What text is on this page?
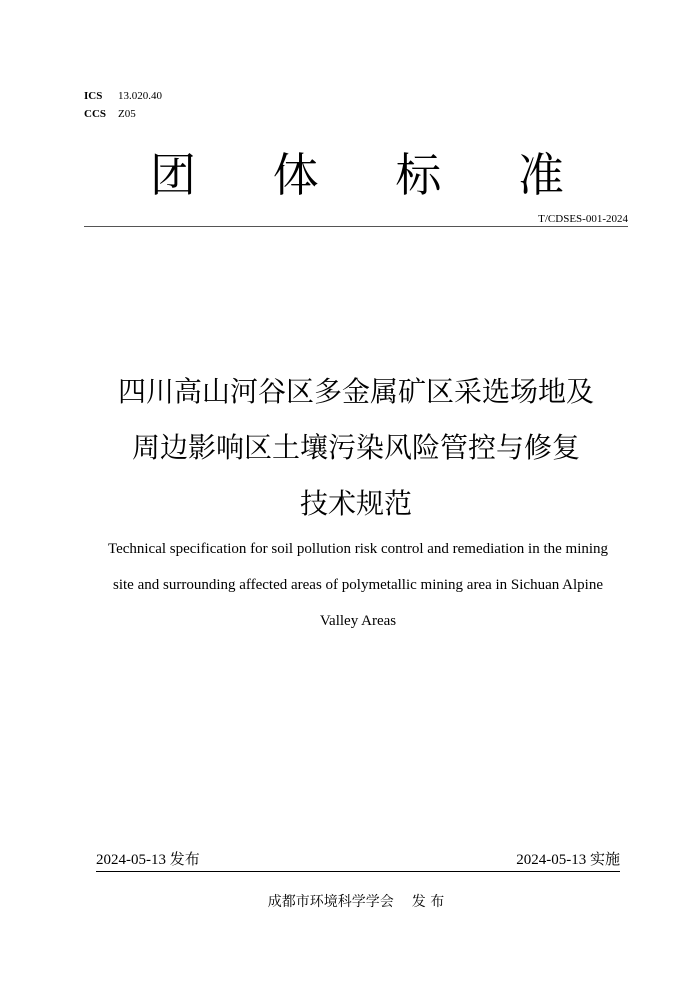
ICS 13.020.40
CCS Z05
团 体 标 准
T/CDSES-001-2024
四川高山河谷区多金属矿区采选场地及
周边影响区土壤污染风险管控与修复
技术规范
Technical specification for soil pollution risk control and remediation in the mining
site and surrounding affected areas of polymetallic mining area in Sichuan Alpine
Valley Areas
2024-05-13 发布	2024-05-13 实施
成都市环境科学学会 发 布
